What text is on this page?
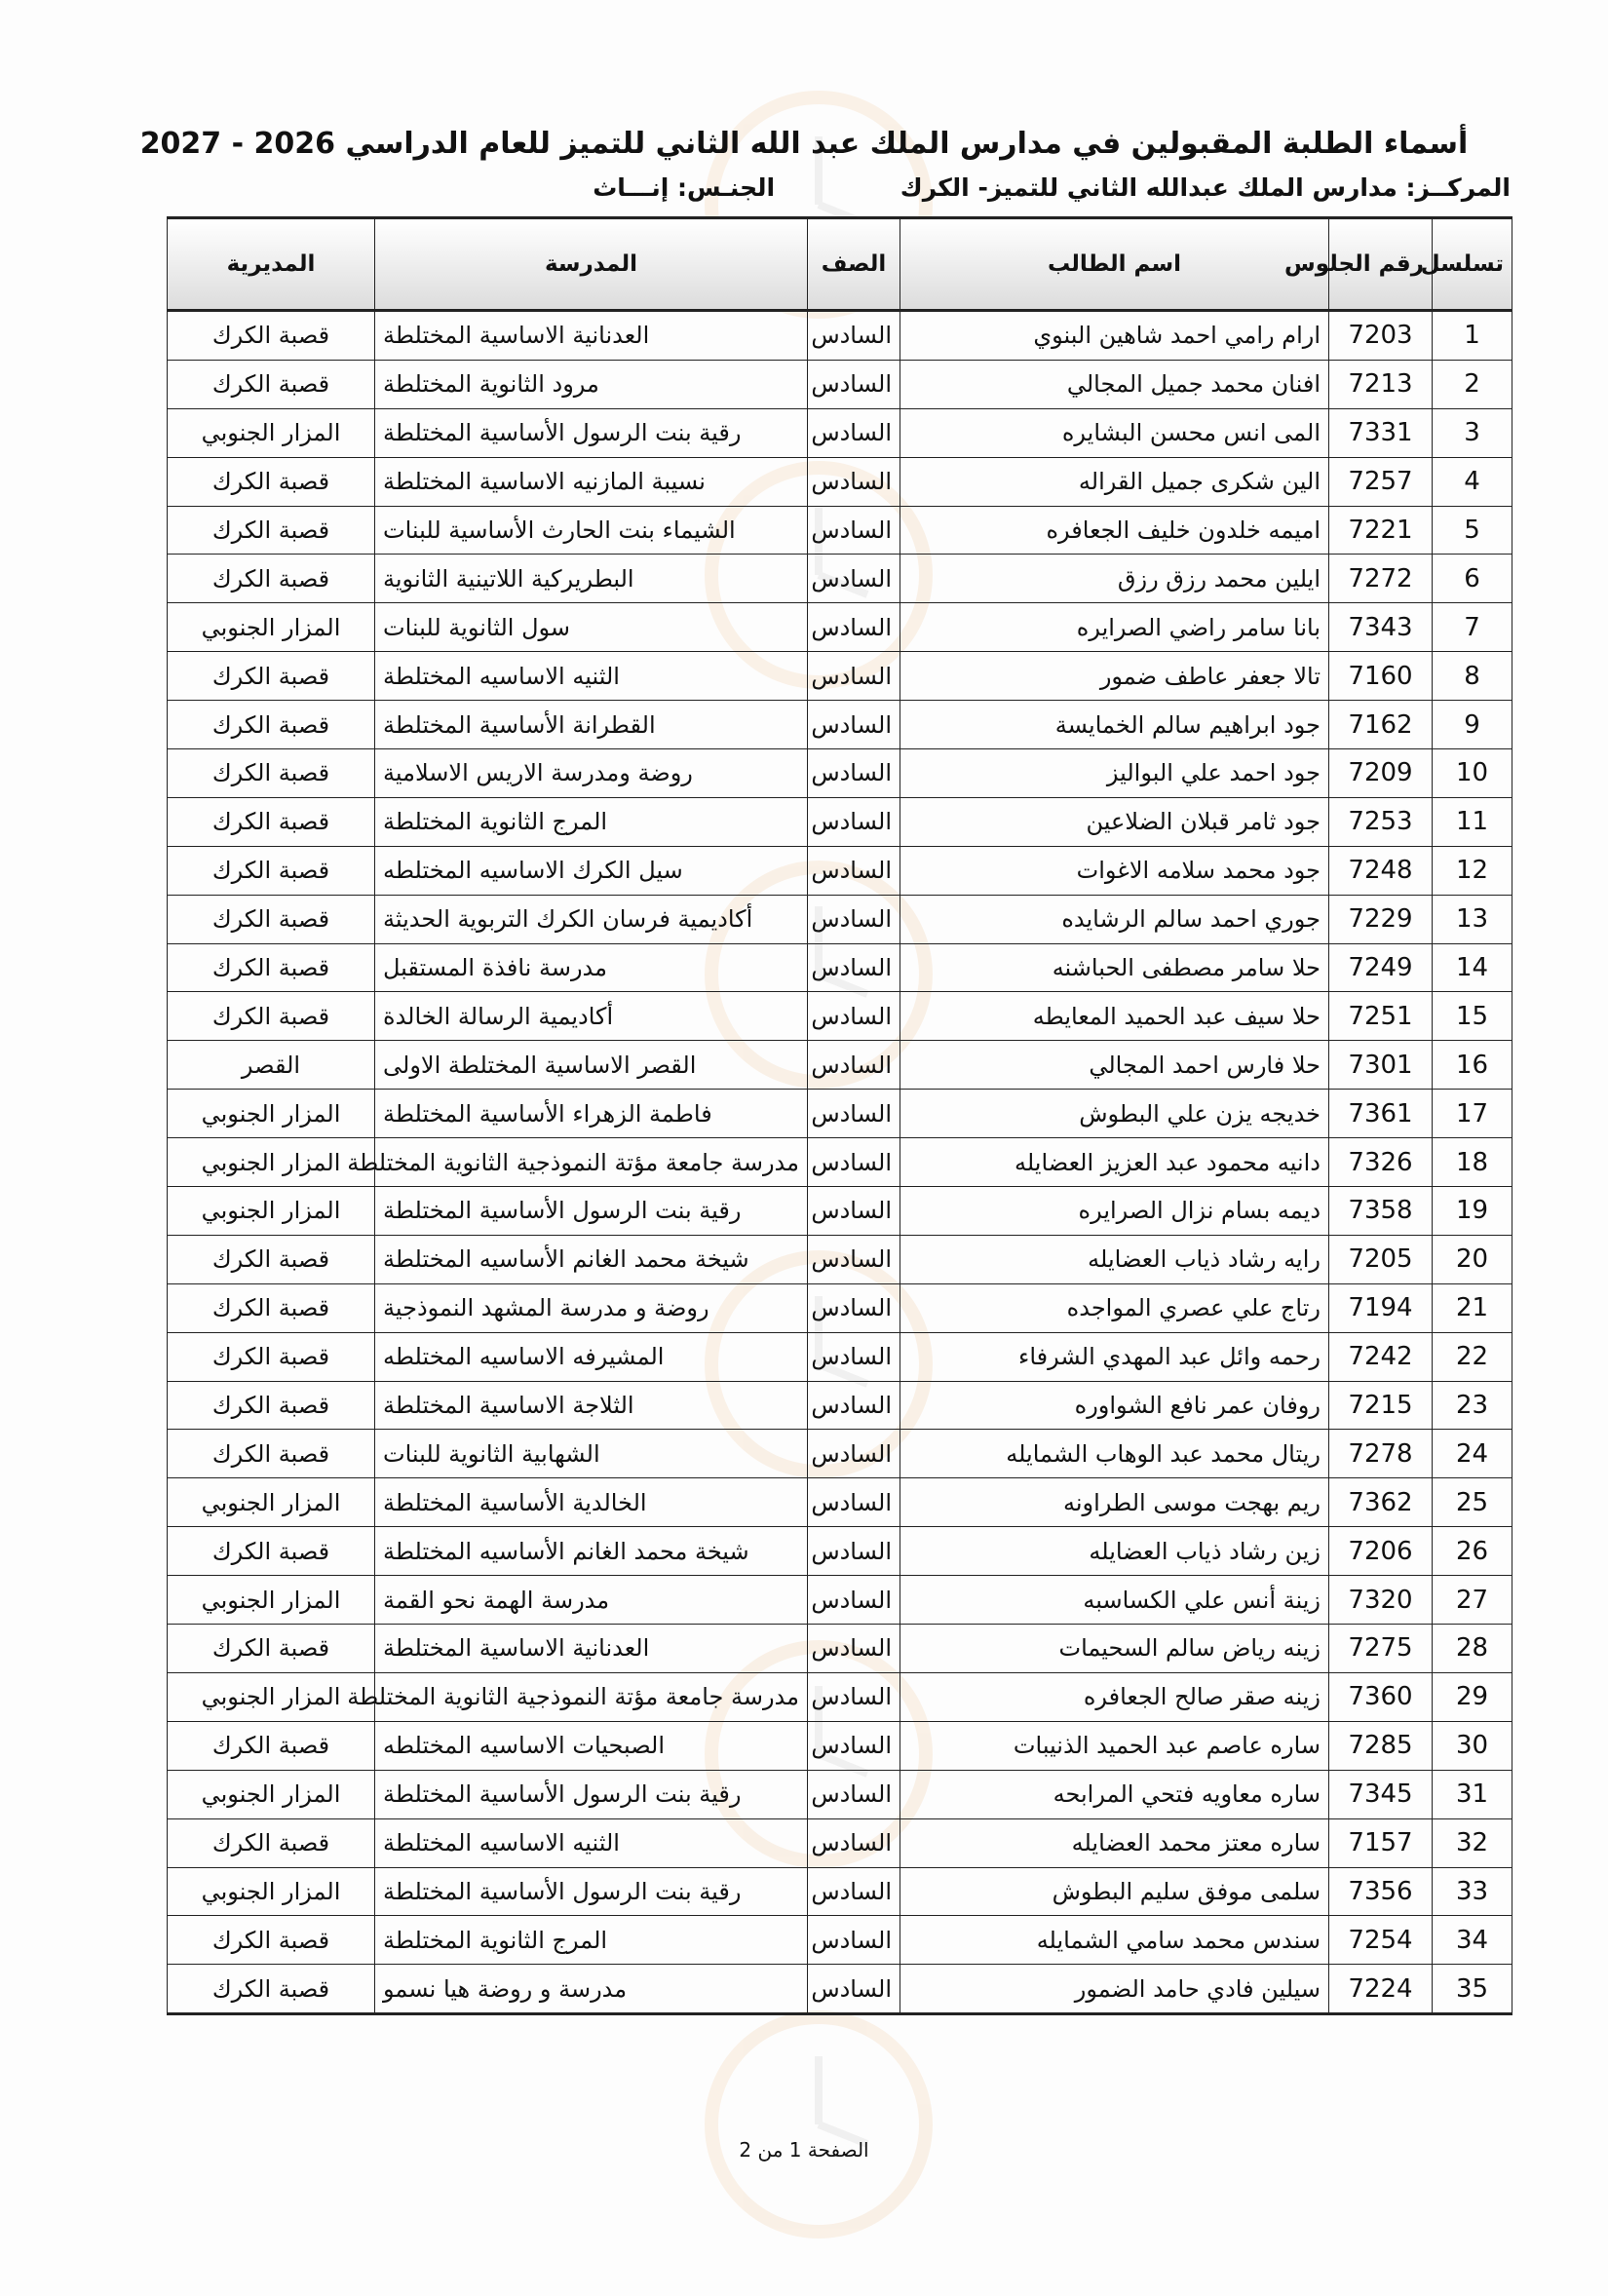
أسماء الطلبة المقبولين في مدارس الملك عبد الله الثاني للتميز للعام الدراسي 2026 - 2027
المركــز: مدارس الملك عبدالله الثاني للتميز- الكرك الجنـس: إنـــاث
تسلسل	رقم الجلوس	اسم الطالب	الصف	المدرسة	المديرية
1	7203	ارام رامي احمد شاهين البنوي	السادس	العدنانية الاساسية المختلطة	قصبة الكرك
2	7213	افنان محمد جميل المجالي	السادس	مرود الثانوية المختلطة	قصبة الكرك
3	7331	المى انس محسن البشايره	السادس	رقية بنت الرسول الأساسية المختلطة	المزار الجنوبي
4	7257	الين شكرى جميل القراله	السادس	نسيبة المازنيه الاساسية المختلطة	قصبة الكرك
5	7221	اميمه خلدون خليف الجعافره	السادس	الشيماء بنت الحارث الأساسية للبنات	قصبة الكرك
6	7272	ايلين محمد رزق رزق	السادس	البطريركية اللاتينية الثانوية	قصبة الكرك
7	7343	بانا سامر راضي الصرايره	السادس	سول الثانوية للبنات	المزار الجنوبي
8	7160	تالا جعفر عاطف ضمور	السادس	الثنيه الاساسيه المختلطة	قصبة الكرك
9	7162	جود ابراهيم سالم الخمايسة	السادس	القطرانة الأساسية المختلطة	قصبة الكرك
10	7209	جود احمد علي البواليز	السادس	روضة ومدرسة الاريس الاسلامية	قصبة الكرك
11	7253	جود ثامر قبلان الضلاعين	السادس	المرج الثانوية المختلطة	قصبة الكرك
12	7248	جود محمد سلامه الاغوات	السادس	سيل الكرك الاساسيه المختلطه	قصبة الكرك
13	7229	جوري احمد سالم الرشايده	السادس	أكاديمية فرسان الكرك التربوية الحديثة	قصبة الكرك
14	7249	حلا سامر مصطفى الحباشنه	السادس	مدرسة نافذة المستقبل	قصبة الكرك
15	7251	حلا سيف عبد الحميد المعايطه	السادس	أكاديمية الرسالة الخالدة	قصبة الكرك
16	7301	حلا فارس احمد المجالي	السادس	القصر الاساسية المختلطة الاولى	القصر
17	7361	خديجه يزن علي البطوش	السادس	فاطمة الزهراء الأساسية المختلطة	المزار الجنوبي
18	7326	دانيه محمود عبد العزيز العضايله	السادس	مدرسة جامعة مؤتة النموذجية الثانوية المختلطة	المزار الجنوبي
19	7358	ديمه بسام نزال الصرايره	السادس	رقية بنت الرسول الأساسية المختلطة	المزار الجنوبي
20	7205	رايه رشاد ذياب العضايله	السادس	شيخة محمد الغانم الأساسيه المختلطة	قصبة الكرك
21	7194	رتاج علي عصري المواجده	السادس	روضة و مدرسة المشهد النموذجية	قصبة الكرك
22	7242	رحمه وائل عبد المهدي الشرفاء	السادس	المشيرفه الاساسيه المختلطه	قصبة الكرك
23	7215	روفان عمر نافع الشواوره	السادس	الثلاجة الاساسية المختلطة	قصبة الكرك
24	7278	ريتال محمد عبد الوهاب الشمايله	السادس	الشهابية الثانوية للبنات	قصبة الكرك
25	7362	ريم بهجت موسى الطراونه	السادس	الخالدية الأساسية المختلطة	المزار الجنوبي
26	7206	زين رشاد ذياب العضايله	السادس	شيخة محمد الغانم الأساسيه المختلطة	قصبة الكرك
27	7320	زينة أنس علي الكساسبه	السادس	مدرسة الهمة نحو القمة	المزار الجنوبي
28	7275	زينه رياض سالم السحيمات	السادس	العدنانية الاساسية المختلطة	قصبة الكرك
29	7360	زينه صقر صالح الجعافره	السادس	مدرسة جامعة مؤتة النموذجية الثانوية المختلطة	المزار الجنوبي
30	7285	ساره عاصم عبد الحميد الذنيبات	السادس	الصبحيات الاساسيه المختلطه	قصبة الكرك
31	7345	ساره معاويه فتحي المرابحه	السادس	رقية بنت الرسول الأساسية المختلطة	المزار الجنوبي
32	7157	ساره معتز محمد العضايله	السادس	الثنيه الاساسيه المختلطة	قصبة الكرك
33	7356	سلمى موفق سليم البطوش	السادس	رقية بنت الرسول الأساسية المختلطة	المزار الجنوبي
34	7254	سندس محمد سامي الشمايله	السادس	المرج الثانوية المختلطة	قصبة الكرك
35	7224	سيلين فادي حامد الضمور	السادس	مدرسة و روضة هيا نسمو	قصبة الكرك
الصفحة 1 من 2
